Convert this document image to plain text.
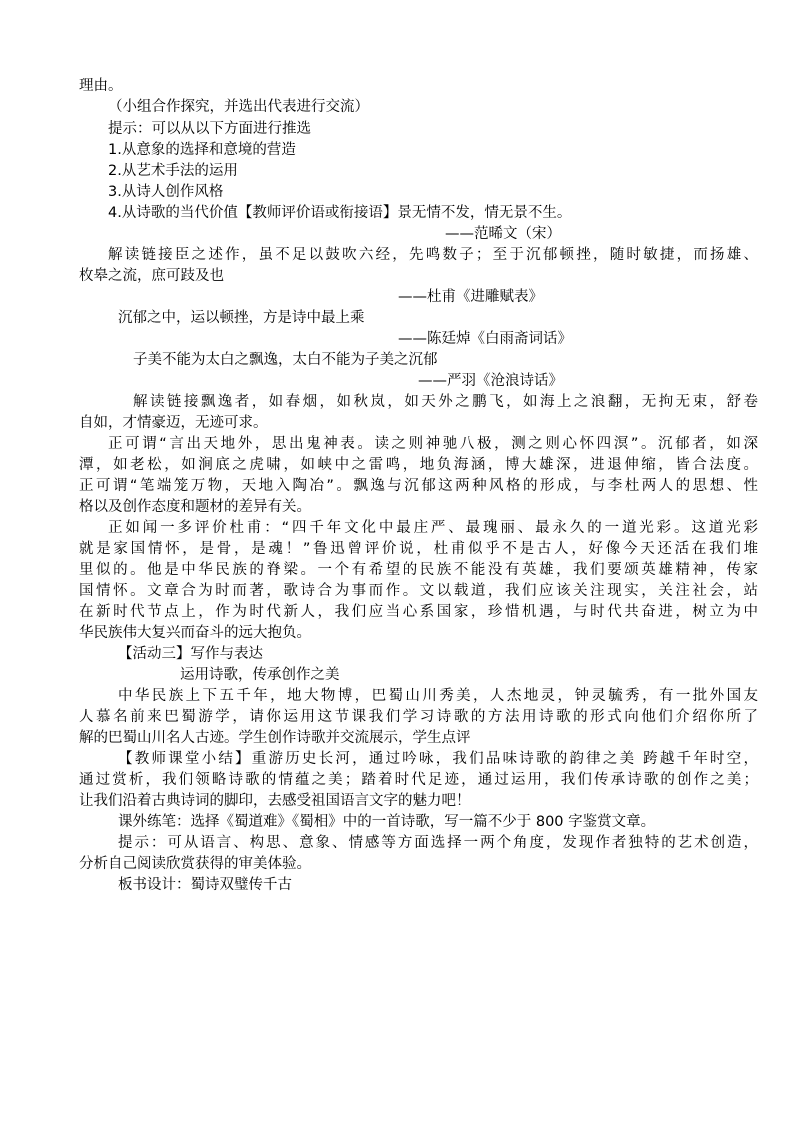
理由。
（小组合作探究，并选出代表进行交流）
提示：可以从以下方面进行推选
1.从意象的选择和意境的营造
2.从艺术手法的运用
3.从诗人创作风格
4.从诗歌的当代价值【教师评价语或衔接语】景无情不发，情无景不生。
——范晞文（宋）
解读链接臣之述作，虽不足以鼓吹六经，先鸣数子；至于沉郁顿挫，随时敏捷，而扬雄、
枚皋之流，庶可跂及也
——杜甫《进雕赋表》
沉郁之中，运以顿挫，方是诗中最上乘
——陈廷焯《白雨斋词话》
子美不能为太白之飘逸，太白不能为子美之沉郁
——严羽《沧浪诗话》
解读链接飘逸者，如春烟，如秋岚，如天外之鹏飞，如海上之浪翻，无拘无束，舒卷
自如，才情豪迈，无迹可求。
正可谓“言出天地外，思出鬼神表。读之则神驰八极，测之则心怀四溟”。沉郁者，如深
潭，如老松，如涧底之虎啸，如峡中之雷鸣，地负海涵，博大雄深，进退伸缩，皆合法度。
正可谓“笔端笼万物，天地入陶冶”。飘逸与沉郁这两种风格的形成，与李杜两人的思想、性
格以及创作态度和题材的差异有关。
正如闻一多评价杜甫：“四千年文化中最庄严、最瑰丽、最永久的一道光彩。这道光彩
就是家国情怀，是骨，是魂！”鲁迅曾评价说，杜甫似乎不是古人，好像今天还活在我们堆
里似的。他是中华民族的脊梁。一个有希望的民族不能没有英雄，我们要颂英雄精神，传家
国情怀。文章合为时而著，歌诗合为事而作。文以载道，我们应该关注现实，关注社会，站
在新时代节点上，作为时代新人，我们应当心系国家，珍惜机遇，与时代共奋进，树立为中
华民族伟大复兴而奋斗的远大抱负。
【活动三】写作与表达
运用诗歌，传承创作之美
中华民族上下五千年，地大物博，巴蜀山川秀美，人杰地灵，钟灵毓秀，有一批外国友
人慕名前来巴蜀游学，请你运用这节课我们学习诗歌的方法用诗歌的形式向他们介绍你所了
解的巴蜀山川名人古迹。学生创作诗歌并交流展示，学生点评
【教师课堂小结】重游历史长河，通过吟咏，我们品味诗歌的韵律之美 跨越千年时空，
通过赏析，我们领略诗歌的情蕴之美；踏着时代足迹，通过运用，我们传承诗歌的创作之美；
让我们沿着古典诗词的脚印，去感受祖国语言文字的魅力吧！
课外练笔：选择《蜀道难》《蜀相》中的一首诗歌，写一篇不少于 800 字鉴赏文章。
提示：可从语言、构思、意象、情感等方面选择一两个角度，发现作者独特的艺术创造，
分析自己阅读欣赏获得的审美体验。
板书设计：蜀诗双璧传千古
